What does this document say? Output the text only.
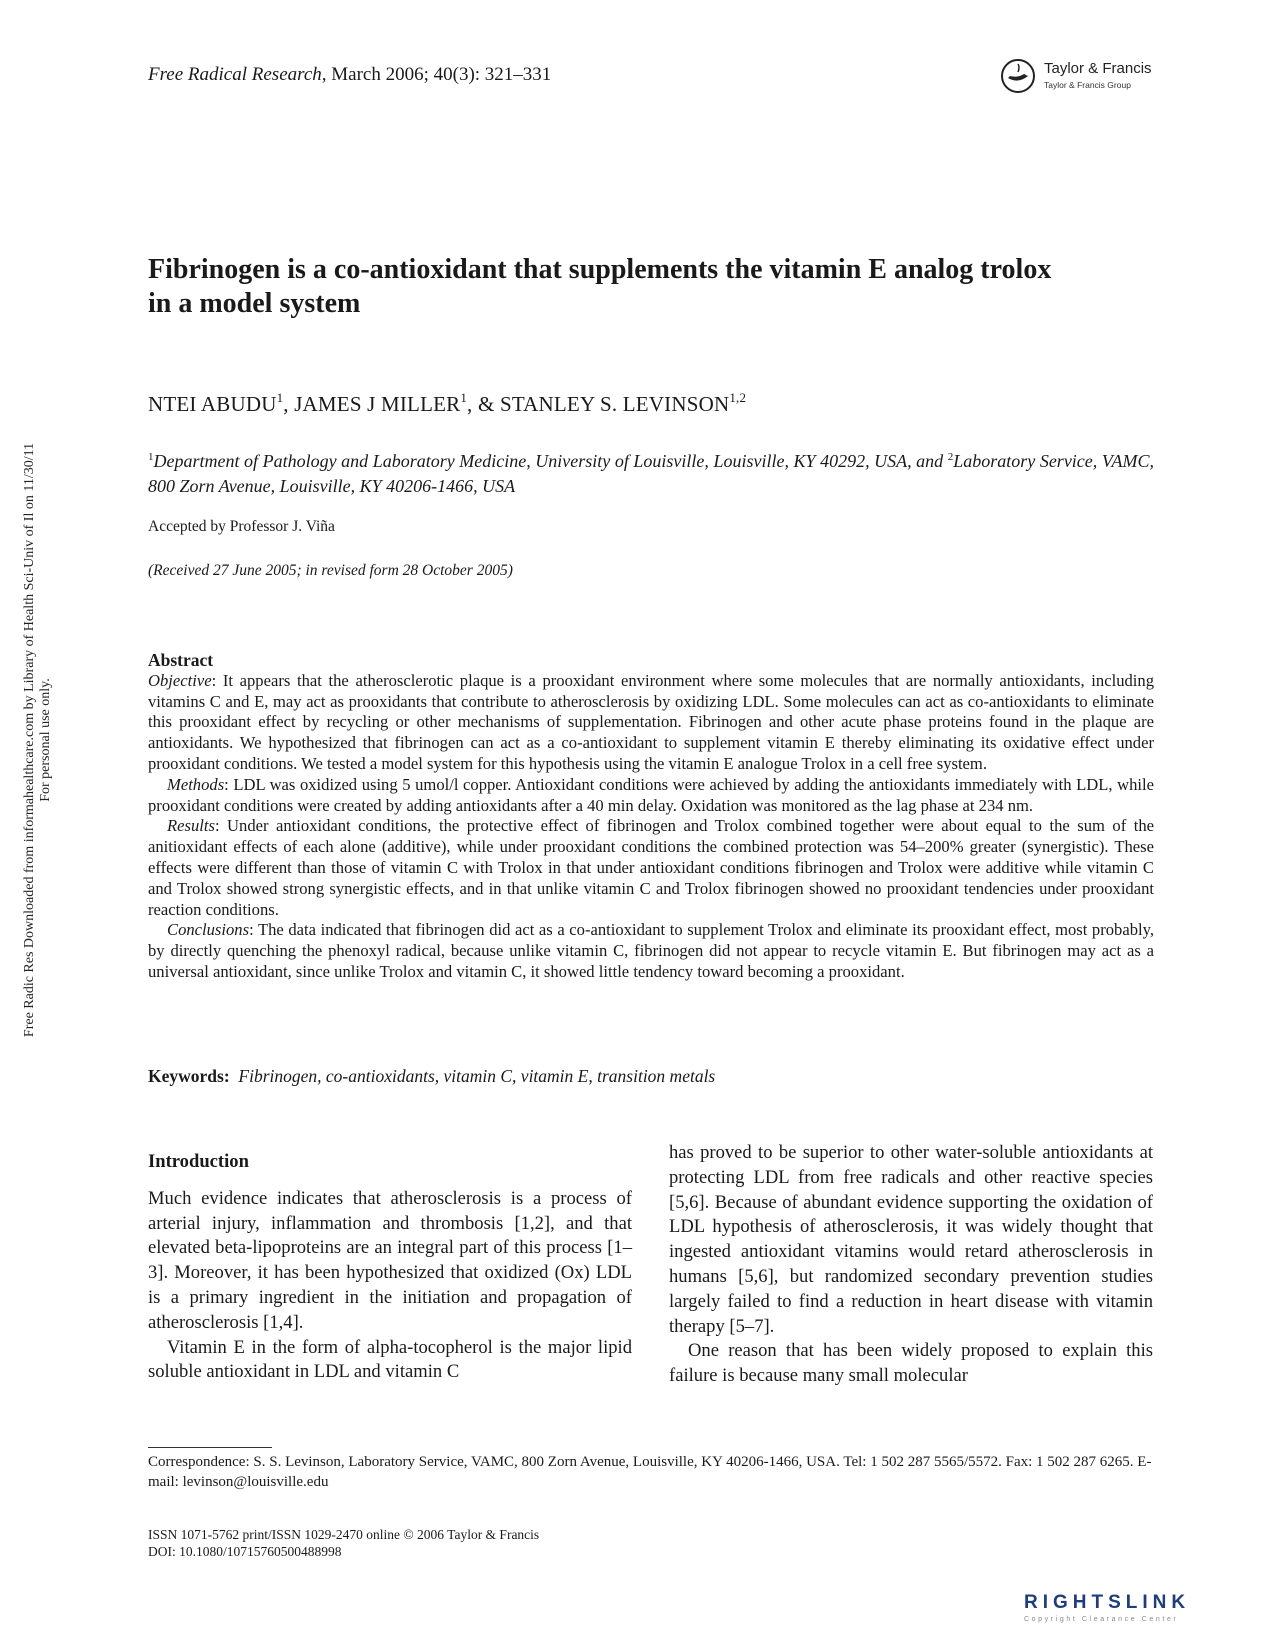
Free Radical Research, March 2006; 40(3): 321–331	Taylor & Francis
Taylor & Francis Group
Fibrinogen is a co-antioxidant that supplements the vitamin E analog trolox in a model system
NTEI ABUDU$^1$, JAMES J MILLER$^1$, & STANLEY S. LEVINSON$^{1,2}$
$^1$Department of Pathology and Laboratory Medicine, University of Louisville, Louisville, KY 40292, USA, and $^2$Laboratory Service, VAMC, 800 Zorn Avenue, Louisville, KY 40206-1466, USA
Accepted by Professor J. Viña
(Received 27 June 2005; in revised form 28 October 2005)
Abstract

Objective: It appears that the atherosclerotic plaque is a prooxidant environment where some molecules that are normally antioxidants, including vitamins C and E, may act as prooxidants that contribute to atherosclerosis by oxidizing LDL. Some molecules can act as co-antioxidants to eliminate this prooxidant effect by recycling or other mechanisms of supplementation. Fibrinogen and other acute phase proteins found in the plaque are antioxidants. We hypothesized that fibrinogen can act as a co-antioxidant to supplement vitamin E thereby eliminating its oxidative effect under prooxidant conditions. We tested a model system for this hypothesis using the vitamin E analogue Trolox in a cell free system.

Methods: LDL was oxidized using 5 umol/l copper. Antioxidant conditions were achieved by adding the antioxidants immediately with LDL, while prooxidant conditions were created by adding antioxidants after a 40 min delay. Oxidation was monitored as the lag phase at 234 nm.

Results: Under antioxidant conditions, the protective effect of fibrinogen and Trolox combined together were about equal to the sum of the anitioxidant effects of each alone (additive), while under prooxidant conditions the combined protection was 54–200% greater (synergistic). These effects were different than those of vitamin C with Trolox in that under antioxidant conditions fibrinogen and Trolox were additive while vitamin C and Trolox showed strong synergistic effects, and in that unlike vitamin C and Trolox fibrinogen showed no prooxidant tendencies under prooxidant reaction conditions.

Conclusions: The data indicated that fibrinogen did act as a co-antioxidant to supplement Trolox and eliminate its prooxidant effect, most probably, by directly quenching the phenoxyl radical, because unlike vitamin C, fibrinogen did not appear to recycle vitamin E. But fibrinogen may act as a universal antioxidant, since unlike Trolox and vitamin C, it showed little tendency toward becoming a prooxidant.

Keywords: Fibrinogen, co-antioxidants, vitamin C, vitamin E, transition metals
Introduction

Much evidence indicates that atherosclerosis is a process of arterial injury, inflammation and thrombosis [1,2], and that elevated beta-lipoproteins are an integral part of this process [1–3]. Moreover, it has been hypothesized that oxidized (Ox) LDL is a primary ingredient in the initiation and propagation of atherosclerosis [1,4].

Vitamin E in the form of alpha-tocopherol is the major lipid soluble antioxidant in LDL and vitamin C

has proved to be superior to other water-soluble antioxidants at protecting LDL from free radicals and other reactive species [5,6]. Because of abundant evidence supporting the oxidation of LDL hypothesis of atherosclerosis, it was widely thought that ingested antioxidant vitamins would retard atherosclerosis in humans [5,6], but randomized secondary prevention studies largely failed to find a reduction in heart disease with vitamin therapy [5–7].

One reason that has been widely proposed to explain this failure is because many small molecular

Correspondence: S. S. Levinson, Laboratory Service, VAMC, 800 Zorn Avenue, Louisville, KY 40206-1466, USA. Tel: 1 502 287 5565/5572. Fax: 1 502 287 6265. E-mail: levinson@louisville.edu
ISSN 1071-5762 print/ISSN 1029-2470 online © 2006 Taylor & Francis
DOI: 10.1080/10715760500488998
Free Radic Res Downloaded from informahealthcare.com by Library of Health Sci-Univ of Il on 11/30/11 For personal use only.
RIGHTSLINK
Copyright Clearance Center
